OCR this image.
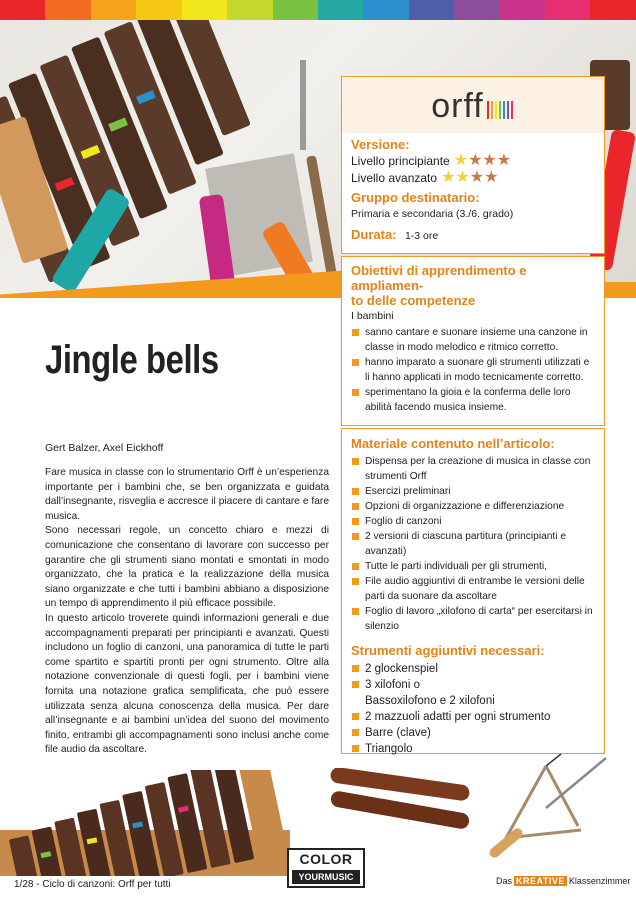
orff
Versione:
Livello principiante ★ ★ ★ ★
Livello avanzato ★ ★ ★ ★
Gruppo destinatario:
Primaria e secondaria (3./6. grado)
Durata: 1-3 ore
Obiettivi di apprendimento e ampliamen-
to delle competenze
I bambini
sanno cantare e suonare insieme una canzone in classe in modo melodico e ritmico corretto.
hanno imparato a suonare gli strumenti utilizzati e li hanno applicati in modo tecnicamente corretto.
sperimentano la gioia e la conferma delle loro abilità facendo musica insieme.
Materiale contenuto nell’articolo:
Dispensa per la creazione di musica in classe con strumenti Orff
Esercizi preliminari
Opzioni di organizzazione e differenziazione
Foglio di canzoni
2 versioni di ciascuna partitura (principianti e avanzati)
Tutte le parti individuali per gli strumenti,
File audio aggiuntivi di entrambe le versioni delle parti da suonare da ascoltare
Foglio di lavoro „xilofono di carta“ per esercitarsi in silenzio
Strumenti aggiuntivi necessari:
2 glockenspiel
3 xilofoni o
Bassoxilofono e 2 xilofoni
2 mazzuoli adatti per ogni strumento
Barre (clave)
Triangolo
Jingle bells
Gert Balzer, Axel Eickhoff

Fare musica in classe con lo strumentario Orff è un’esperienza importante per i bambini che, se ben organizzata e guidata dall’insegnante, risveglia e accresce il piacere di cantare e fare musica.

Sono necessari regole, un concetto chiaro e mezzi di comunicazione che consentano di lavorare con successo per garantire che gli strumenti siano montati e smontati in modo organizzato, che la pratica e la realizzazione della musica siano organizzate e che tutti i bambini abbiano a disposizione un tempo di apprendimento il più efficace possibile.

In questo articolo troverete quindi informazioni generali e due accompagnamenti preparati per principianti e avanzati. Questi includono un foglio di canzoni, una panoramica di tutte le parti come spartito e spartiti pronti per ogni strumento. Oltre alla notazione convenzionale di questi fogli, per i bambini viene fornita una notazione grafica semplificata, che può essere utilizzata senza alcuna conoscenza della musica. Per dare all’insegnante e ai bambini un’idea del suono del movimento finito, entrambi gli accompagnamenti sono inclusi anche come file audio da ascoltare.

COLOR
YOURMUSIC
1/28 - Ciclo di canzoni: Orff per tutti	Das KREATIVE Klassenzimmer
